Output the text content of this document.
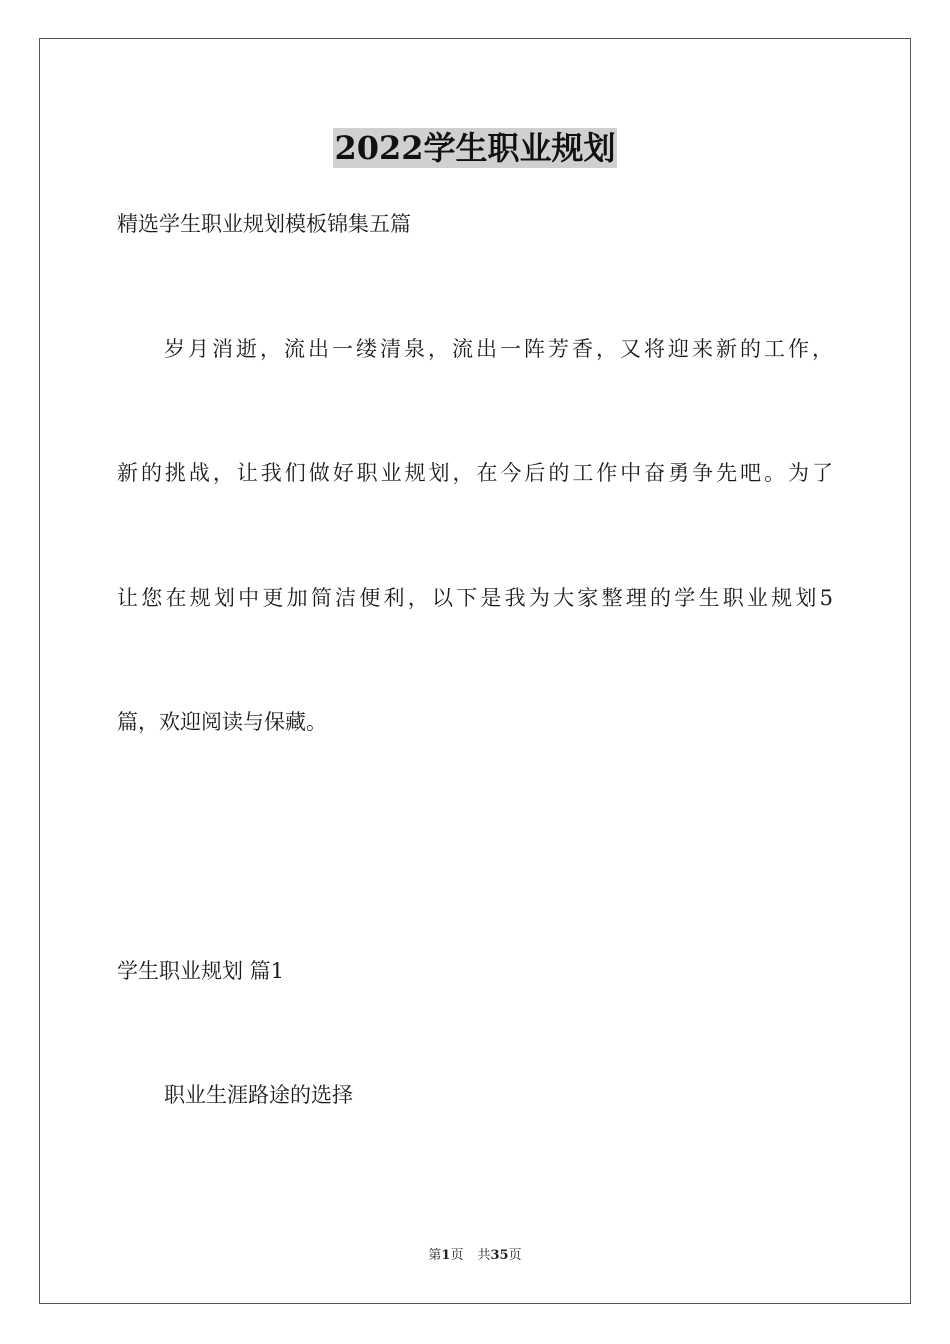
2022学生职业规划
精选学生职业规划模板锦集五篇
岁月消逝，流出一缕清泉，流出一阵芳香，又将迎来新的工作，
新的挑战，让我们做好职业规划，在今后的工作中奋勇争先吧。为了
让您在规划中更加简洁便利，以下是我为大家整理的学生职业规划5
篇，欢迎阅读与保藏。
学生职业规划 篇1
职业生涯路途的选择
第1页 共35页
